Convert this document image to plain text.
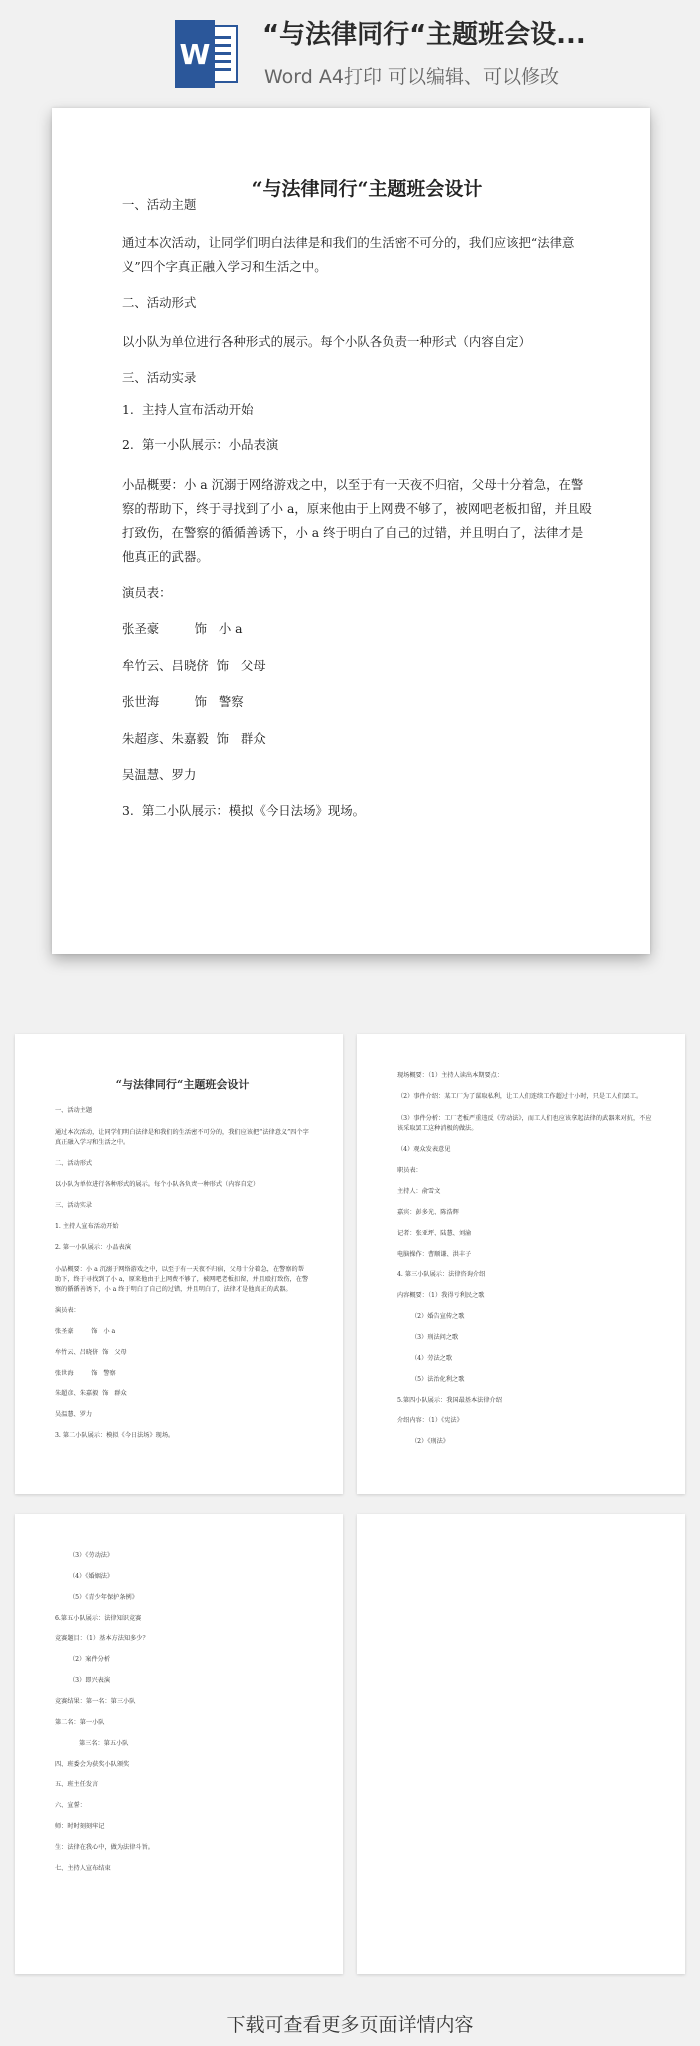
W
“与法律同行“主题班会设...
Word A4打印 可以编辑、可以修改

“与法律同行“主题班会设计

一、活动主题

通过本次活动，让同学们明白法律是和我们的生活密不可分的，我们应该把“法律意义”四个字真正融入学习和生活之中。

二、活动形式

以小队为单位进行各种形式的展示。每个小队各负责一种形式（内容自定）

三、活动实录

1. 主持人宣布活动开始

2. 第一小队展示：小品表演

小品概要：小 a 沉溺于网络游戏之中，以至于有一天夜不归宿，父母十分着急，在警察的帮助下，终于寻找到了小 a，原来他由于上网费不够了，被网吧老板扣留，并且殴打致伤，在警察的循循善诱下，小 a 终于明白了自己的过错，并且明白了，法律才是他真正的武器。

演员表：

张圣豪         饰   小 a

牟竹云、吕晓侪  饰   父母

张世海         饰   警察

朱超彦、朱嘉毅  饰   群众

吴温慧、罗力

3. 第二小队展示：模拟《今日法场》现场。

“与法律同行“主题班会设计

一、活动主题

通过本次活动，让同学们明白法律是和我们的生活密不可分的，我们应该把“法律意义”四个字真正融入学习和生活之中。

二、活动形式

以小队为单位进行各种形式的展示。每个小队各负责一种形式（内容自定）

三、活动实录

1. 主持人宣布活动开始

2. 第一小队展示：小品表演

小品概要：小 a 沉溺于网络游戏之中，以至于有一天夜不归宿，父母十分着急，在警察的帮助下，终于寻找到了小 a，原来他由于上网费不够了，被网吧老板扣留，并且殴打致伤，在警察的循循善诱下，小 a 终于明白了自己的过错，并且明白了，法律才是他真正的武器。

演员表：

张圣豪         饰   小 a

牟竹云、吕晓侪  饰   父母

张世海         饰   警察

朱超彦、朱嘉毅  饰   群众

吴温慧、罗力

3. 第二小队展示：模拟《今日法场》现场。

现场概要：（1）主持人读出本期要点：

（2）事件介绍：某工厂为了谋取私利，让工人们连续工作超过十小时，只是工人们罢工。

（3）事件分析：工厂老板严重违反《劳动法》，而工人们也应该拿起法律的武器来对抗，不应该采取罢工这种消极的做法。

（4）观众发表意见

职员表：

主持人：俞雪文

嘉宾：彭多光、陈浩辉

记者：张亚坪、陆慧、刘渝

电脑操作：曹顺谦、洪丰子

4. 第三小队展示：法律咨询介绍

内容概要：（1）我得亏利民之歌

（2）婚告宣传之歌

（3）刑法问之歌

（4）劳法之歌

（5）法治化利之歌

5.第四小队展示：我国最基本法律介绍

介绍内容：（1）《宪法》

（2）《刑法》

（3）《劳动法》

（4）《婚姻法》

（5）《青少年保护条例》

6.第五小队展示：法律知识竞赛

竞赛题目：（1）基本方法知多少？

（2）案件分析

（3）即兴表演

竞赛结果：第一名：第三小队

第二名：第一小队

第三名：第五小队

四、班委会为获奖小队颁奖

五、班主任发言

六、宣誓：

师：时时刻刻牢记

生：法律在我心中，做为法律斗旨。

七、主持人宣布结束

下载可查看更多页面详情内容
